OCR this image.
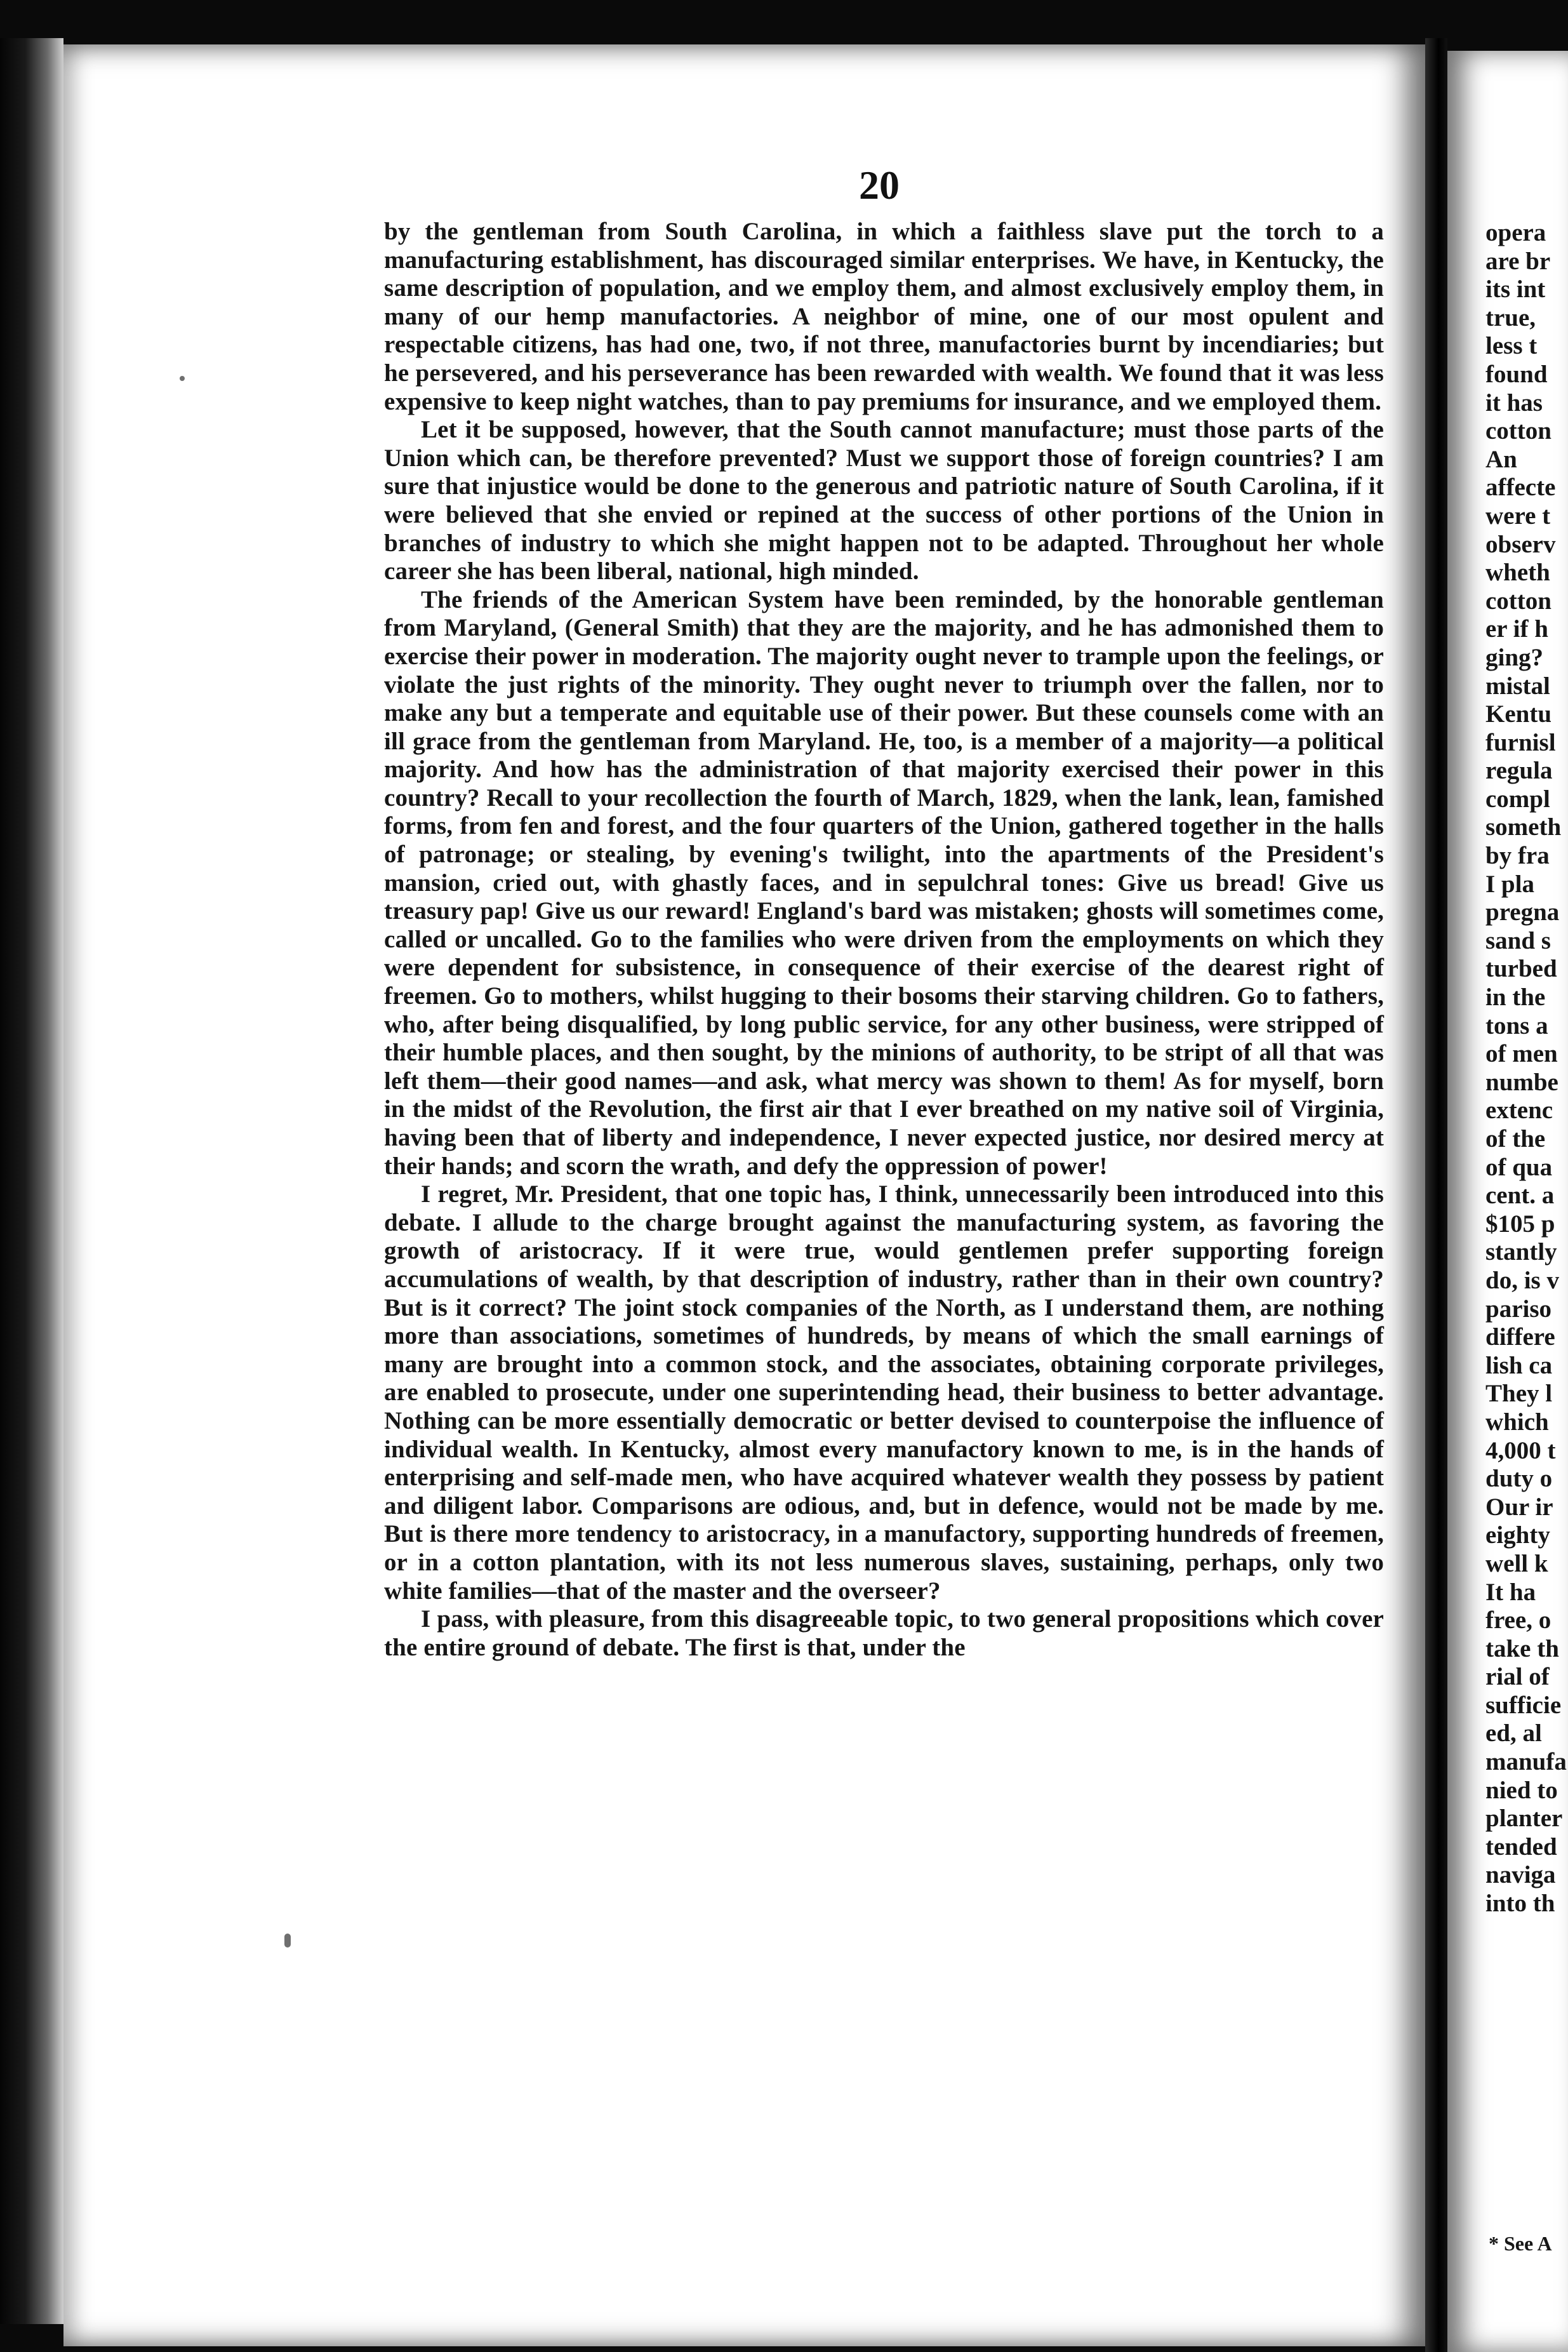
20

by the gentleman from South Carolina, in which a faithless slave put the torch to a manufacturing establishment, has discouraged similar enterprises. We have, in Kentucky, the same description of population, and we employ them, and almost exclusively employ them, in many of our hemp manufactories. A neighbor of mine, one of our most opulent and respectable citizens, has had one, two, if not three, manufactories burnt by incendiaries; but he persevered, and his perseverance has been rewarded with wealth. We found that it was less expensive to keep night watches, than to pay premiums for insurance, and we employed them.

Let it be supposed, however, that the South cannot manufacture; must those parts of the Union which can, be therefore prevented? Must we support those of foreign countries? I am sure that injustice would be done to the generous and patriotic nature of South Carolina, if it were believed that she envied or repined at the success of other portions of the Union in branches of industry to which she might happen not to be adapted. Throughout her whole career she has been liberal, national, high minded.

The friends of the American System have been reminded, by the honorable gentleman from Maryland, (General Smith) that they are the majority, and he has admonished them to exercise their power in moderation. The majority ought never to trample upon the feelings, or violate the just rights of the minority. They ought never to triumph over the fallen, nor to make any but a temperate and equitable use of their power. But these counsels come with an ill grace from the gentleman from Maryland. He, too, is a member of a majority—a political majority. And how has the administration of that majority exercised their power in this country? Recall to your recollection the fourth of March, 1829, when the lank, lean, famished forms, from fen and forest, and the four quarters of the Union, gathered together in the halls of patronage; or stealing, by evening's twilight, into the apartments of the President's mansion, cried out, with ghastly faces, and in sepulchral tones: Give us bread! Give us treasury pap! Give us our reward! England's bard was mistaken; ghosts will sometimes come, called or uncalled. Go to the families who were driven from the employments on which they were dependent for subsistence, in consequence of their exercise of the dearest right of freemen. Go to mothers, whilst hugging to their bosoms their starving children. Go to fathers, who, after being disqualified, by long public service, for any other business, were stripped of their humble places, and then sought, by the minions of authority, to be stript of all that was left them—their good names—and ask, what mercy was shown to them! As for myself, born in the midst of the Revolution, the first air that I ever breathed on my native soil of Virginia, having been that of liberty and independence, I never expected justice, nor desired mercy at their hands; and scorn the wrath, and defy the oppression of power!

I regret, Mr. President, that one topic has, I think, unnecessarily been introduced into this debate. I allude to the charge brought against the manufacturing system, as favoring the growth of aristocracy. If it were true, would gentlemen prefer supporting foreign accumulations of wealth, by that description of industry, rather than in their own country? But is it correct? The joint stock companies of the North, as I understand them, are nothing more than associations, sometimes of hundreds, by means of which the small earnings of many are brought into a common stock, and the associates, obtaining corporate privileges, are enabled to prosecute, under one superintending head, their business to better advantage. Nothing can be more essentially democratic or better devised to counterpoise the influence of individual wealth. In Kentucky, almost every manufactory known to me, is in the hands of enterprising and self-made men, who have acquired whatever wealth they possess by patient and diligent labor. Comparisons are odious, and, but in defence, would not be made by me. But is there more tendency to aristocracy, in a manufactory, supporting hundreds of freemen, or in a cotton plantation, with its not less numerous slaves, sustaining, perhaps, only two white families—that of the master and the overseer?

I pass, with pleasure, from this disagreeable topic, to two general propositions which cover the entire ground of debate. The first is that, under the

opera
are br
its int
true,
less t
found
it has
cotton
An
affecte
were t
observ
wheth
cotton
er if h
ging?
mistal
Kentu
furnisl
regula
compl
someth
by fra
I pla
pregna
sand s
turbed
in the
tons a
of men
numbe
extenc
of the
of qua
cent. a
$105 p
stantly
do, is v
pariso
differe
lish ca
They l
which
4,000 t
duty o
Our ir
eighty
well k
It ha
free, o
take th
rial of
sufficie
ed, al
manufa
nied to
planter
tended
naviga
into th
* See A
